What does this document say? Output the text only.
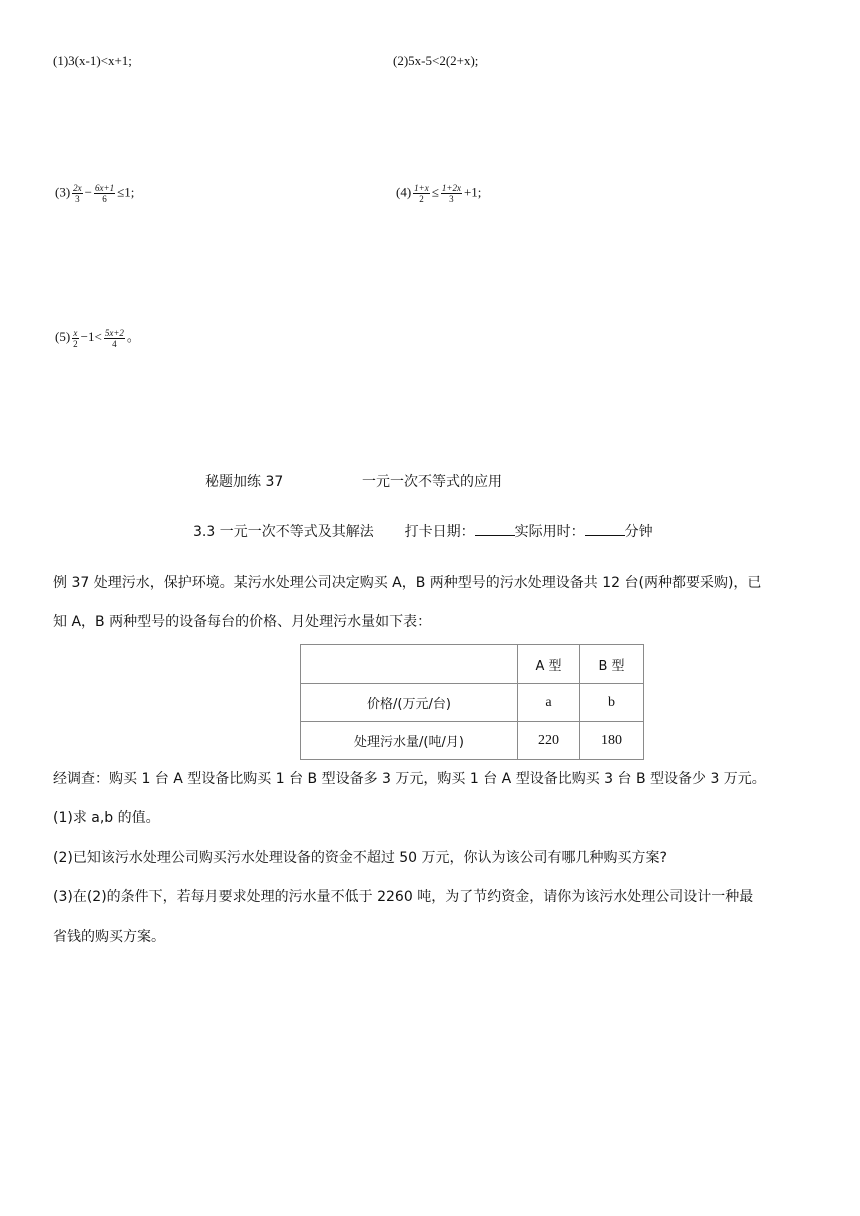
(1)3(x-1)<x+1;	(2)5x-5<2(2+x);
$(3) \frac{2x}{3} - \frac{6x+1}{6} \le 1$;	$(4) \frac{1+x}{2} \le \frac{1+2x}{3} +1$;
$(5) \frac{x}{2} -1< \frac{5x+2}{4}$ 。
秘题加练 37	一元一次不等式的应用
3.3 一元一次不等式及其解法 打卡日期：	实际用时：	分钟
例 37 处理污水，保护环境。某污水处理公司决定购买 A，B 两种型号的污水处理设备共 12 台(两种都要采购)，已
知 A，B 两种型号的设备每台的价格、月处理污水量如下表：
	A 型	B 型
价格/(万元/台)	a	b
处理污水量/(吨/月)	220	180
经调查：购买 1 台 A 型设备比购买 1 台 B 型设备多 3 万元，购买 1 台 A 型设备比购买 3 台 B 型设备少 3 万元。
(1)求 a,b 的值。
(2)已知该污水处理公司购买污水处理设备的资金不超过 50 万元，你认为该公司有哪几种购买方案?
(3)在(2)的条件下，若每月要求处理的污水量不低于 2260 吨，为了节约资金，请你为该污水处理公司设计一种最
省钱的购买方案。
